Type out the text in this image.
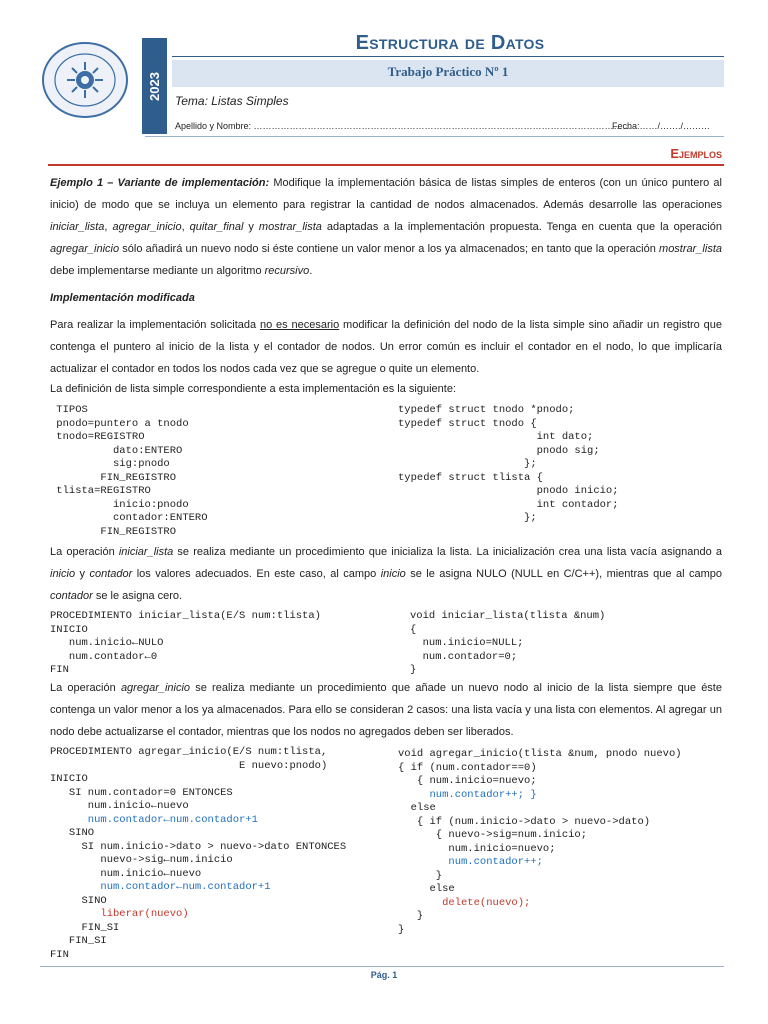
2023
Estructura de Datos
Trabajo Práctico Nº 1
Tema: Listas Simples
Apellido y Nombre: ………………………………………………………………………………………………………………
Fecha:……/……./………
Ejemplos
Ejemplo 1 – Variante de implementación: Modifique la implementación básica de listas simples de enteros (con un único puntero al inicio) de modo que se incluya un elemento para registrar la cantidad de nodos almacenados. Además desarrolle las operaciones iniciar_lista, agregar_inicio, quitar_final y mostrar_lista adaptadas a la implementación propuesta. Tenga en cuenta que la operación agregar_inicio sólo añadirá un nuevo nodo si éste contiene un valor menor a los ya almacenados; en tanto que la operación mostrar_lista debe implementarse mediante un algoritmo recursivo.
Implementación modificada
Para realizar la implementación solicitada no es necesario modificar la definición del nodo de la lista simple sino añadir un registro que contenga el puntero al inicio de la lista y el contador de nodos. Un error común es incluir el contador en el nodo, lo que implicaría actualizar el contador en todos los nodos cada vez que se agregue o quite un elemento.
La definición de lista simple correspondiente a esta implementación es la siguiente:
TIPOS
pnodo=puntero a tnodo
tnodo=REGISTRO
dato:ENTERO
sig:pnodo
FIN_REGISTRO
tlista=REGISTRO
inicio:pnodo
contador:ENTERO
FIN_REGISTRO
typedef struct tnodo *pnodo;
typedef struct tnodo {
int dato;
pnodo sig;
};
typedef struct tlista {
pnodo inicio;
int contador;
};
La operación iniciar_lista se realiza mediante un procedimiento que inicializa la lista. La inicialización crea una lista vacía asignando a inicio y contador los valores adecuados. En este caso, al campo inicio se le asigna NULO (NULL en C/C++), mientras que al campo contador se le asigna cero.
PROCEDIMIENTO iniciar_lista(E/S num:tlista)
INICIO
num.inicio←NULO
num.contador←0
FIN
void iniciar_lista(tlista &num)
{
num.inicio=NULL;
num.contador=0;
}
La operación agregar_inicio se realiza mediante un procedimiento que añade un nuevo nodo al inicio de la lista siempre que éste contenga un valor menor a los ya almacenados. Para ello se consideran 2 casos: una lista vacía y una lista con elementos. Al agregar un nodo debe actualizarse el contador, mientras que los nodos no agregados deben ser liberados.
PROCEDIMIENTO agregar_inicio(E/S num:tlista,
E nuevo:pnodo)
INICIO
SI num.contador=0 ENTONCES
num.inicio←nuevo
num.contador←num.contador+1
SINO
SI num.inicio->dato > nuevo->dato ENTONCES
nuevo->sig←num.inicio
num.inicio←nuevo
num.contador←num.contador+1
SINO
liberar(nuevo)
FIN_SI
FIN_SI
FIN
void agregar_inicio(tlista &num, pnodo nuevo)
{ if (num.contador==0)
{ num.inicio=nuevo;
num.contador++; }
else
{ if (num.inicio->dato > nuevo->dato)
{ nuevo->sig=num.inicio;
num.inicio=nuevo;
num.contador++;
}
else
delete(nuevo);
}
}
Pág. 1
